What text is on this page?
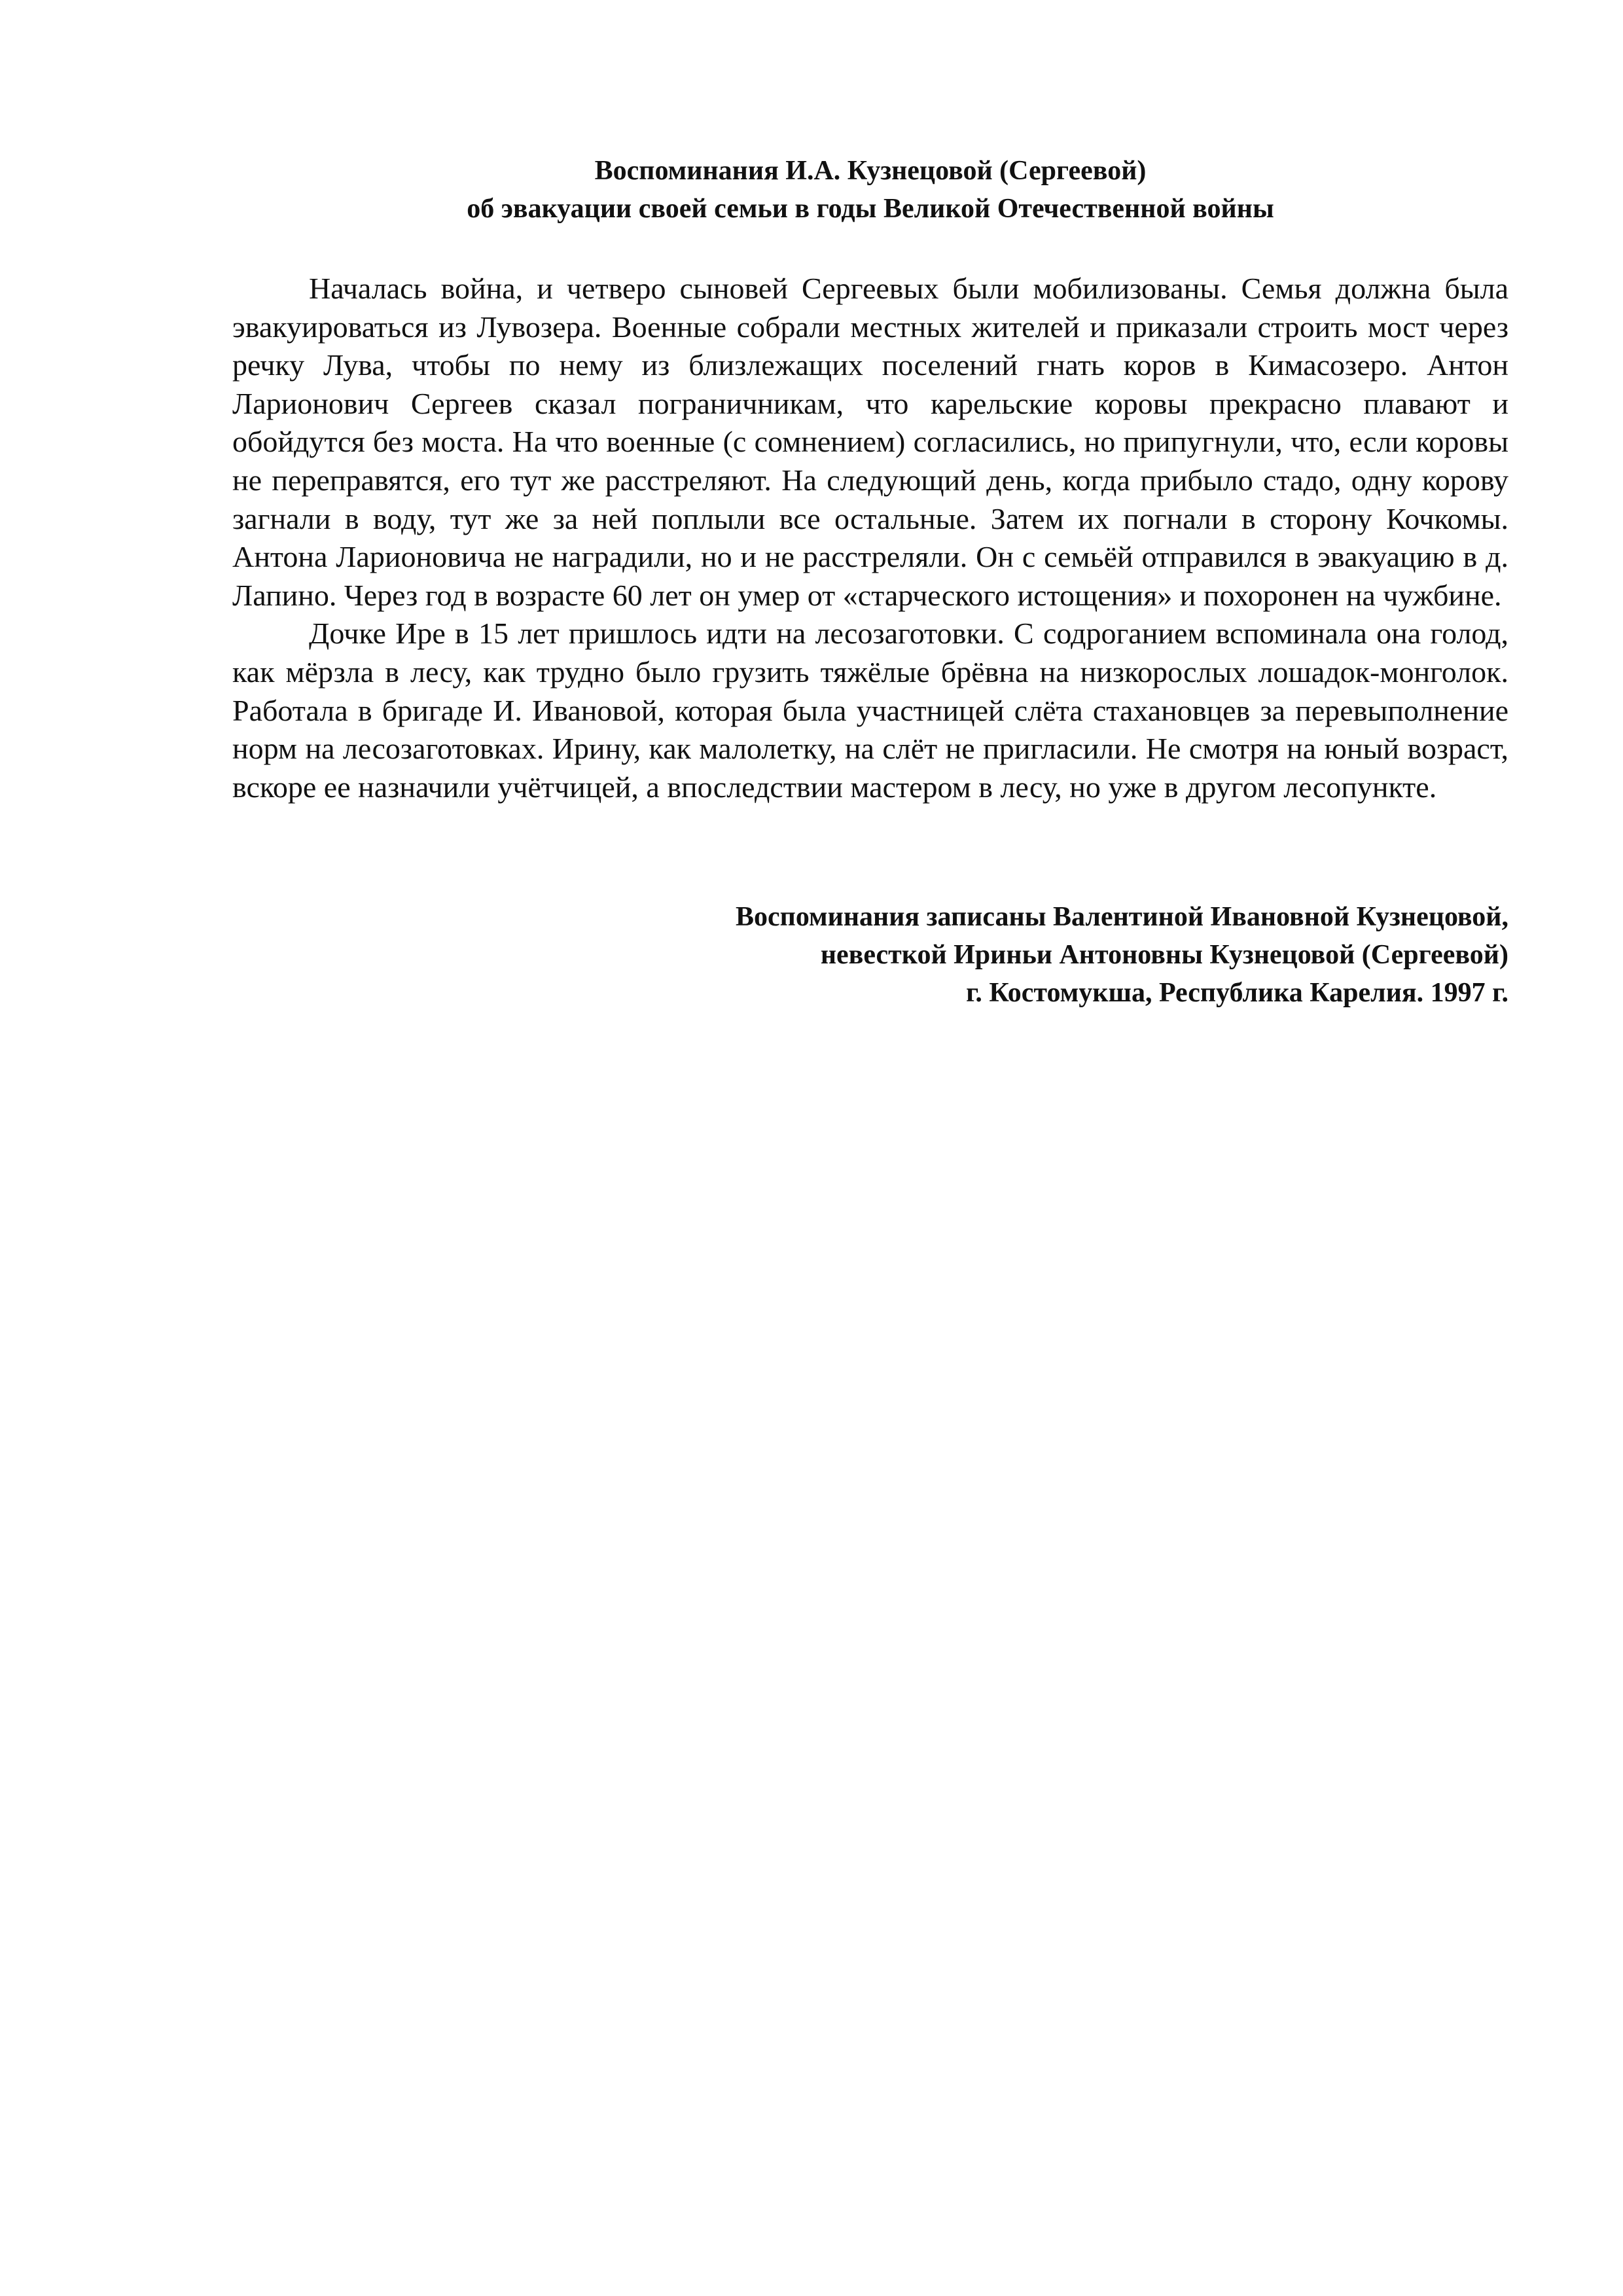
Воспоминания И.А. Кузнецовой (Сергеевой)
об эвакуации своей семьи в годы Великой Отечественной войны

Началась война, и четверо сыновей Сергеевых были мобилизованы. Семья должна была эвакуироваться из Лувозера. Военные собрали местных жителей и приказали строить мост через речку Лува, чтобы по нему из близлежащих поселений гнать коров в Кимасозеро. Антон Ларионович Сергеев сказал пограничникам, что карельские коровы прекрасно плавают и обойдутся без моста. На что военные (с сомнением) согласились, но припугнули, что, если коровы не переправятся, его тут же расстреляют. На следующий день, когда прибыло стадо, одну корову загнали в воду, тут же за ней поплыли все остальные. Затем их погнали в сторону Кочкомы. Антона Ларионовича не наградили, но и не расстреляли. Он с семьёй отправился в эвакуацию в д. Лапино. Через год в возрасте 60 лет он умер от «старческого истощения» и похоронен на чужбине.

Дочке Ире в 15 лет пришлось идти на лесозаготовки. С содроганием вспоминала она голод, как мёрзла в лесу, как трудно было грузить тяжёлые брёвна на низкорослых лошадок-монголок. Работала в бригаде И. Ивановой, которая была участницей слёта стахановцев за перевыполнение норм на лесозаготовках. Ирину, как малолетку, на слёт не пригласили. Не смотря на юный возраст, вскоре ее назначили учётчицей, а впоследствии мастером в лесу, но уже в другом лесопункте.

Воспоминания записаны Валентиной Ивановной Кузнецовой,
невесткой Ириньи Антоновны Кузнецовой (Сергеевой)
г. Костомукша, Республика Карелия. 1997 г.
